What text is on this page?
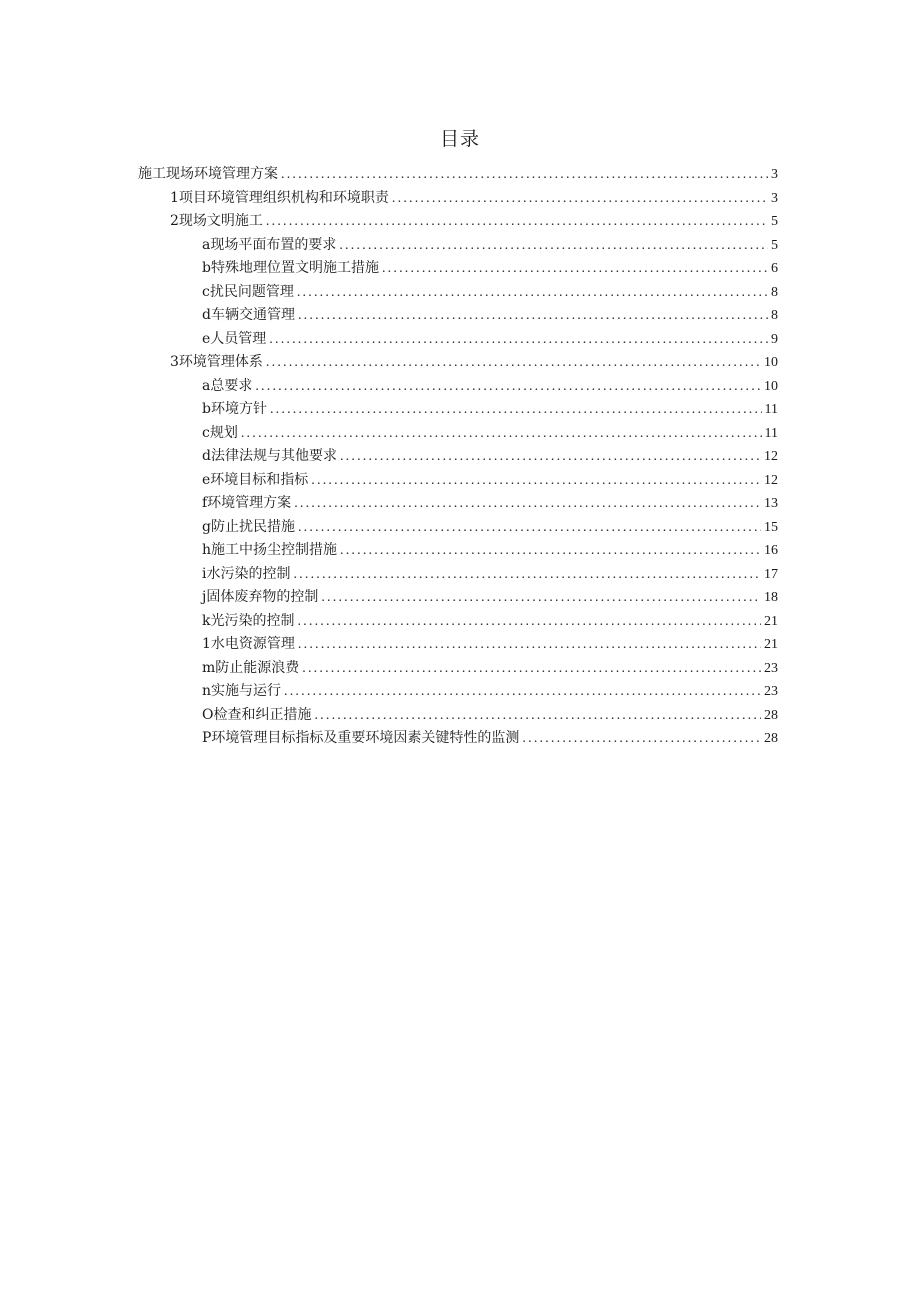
目录
施工现场环境管理方案 .....	3
1项目环境管理组织机构和环境职责 .....	3
2现场文明施工 .....	5
a现场平面布置的要求 .....	5
b特殊地理位置文明施工措施 .....	6
c扰民问题管理 .....	8
d车辆交通管理 .....	8
e人员管理 .....	9
3环境管理体系 .....	10
a总要求 .....	10
b环境方针 .....	11
c规划 .....	11
d法律法规与其他要求 .....	12
e环境目标和指标 .....	12
f环境管理方案 .....	13
g防止扰民措施 .....	15
h施工中扬尘控制措施 .....	16
i水污染的控制 .....	17
j固体废弃物的控制 .....	18
k光污染的控制 .....	21
1水电资源管理 .....	21
m防止能源浪费 .....	23
n实施与运行 .....	23
O检查和纠正措施 .....	28
P环境管理目标指标及重要环境因素关键特性的监测 .....	28
